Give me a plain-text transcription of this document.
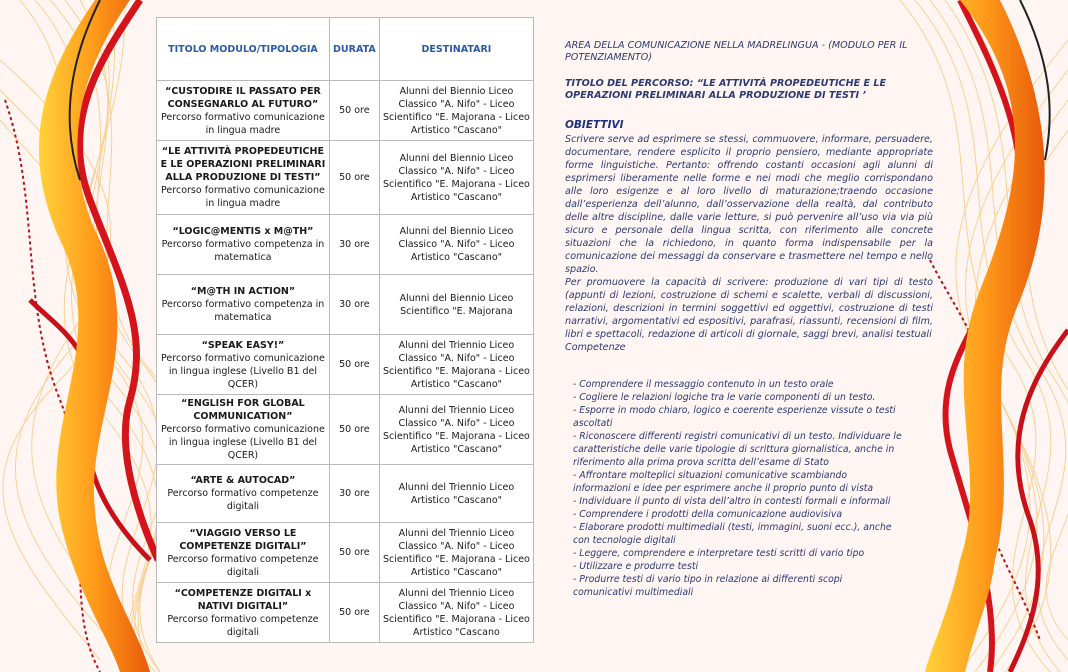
TITOLO MODULO/TIPOLOGIA	DURATA	DESTINATARI

“CUSTODIRE IL PASSATO PER CONSEGNARLO AL FUTURO”
Percorso formativo comunicazione in lingua madre	50 ore	Alunni del Biennio Liceo Classico "A. Nifo" - Liceo Scientifico "E. Majorana - Liceo Artistico "Cascano"

“LE ATTIVITÀ PROPEDEUTICHE E LE OPERAZIONI PRELIMINARI ALLA PRODUZIONE DI TESTI”
Percorso formativo comunicazione in lingua madre	50 ore	Alunni del Biennio Liceo Classico "A. Nifo" - Liceo Scientifico "E. Majorana - Liceo Artistico "Cascano"

“LOGIC@MENTIS x M@TH”
Percorso formativo competenza in matematica	30 ore	Alunni del Biennio Liceo Classico "A. Nifo" - Liceo Artistico "Cascano"

“M@TH IN ACTION”
Percorso formativo competenza in matematica	30 ore	Alunni del Biennio Liceo Scientifico "E. Majorana

“SPEAK EASY!”
Percorso formativo comunicazione in lingua inglese (Livello B1 del QCER)	50 ore	Alunni del Triennio Liceo Classico "A. Nifo" - Liceo Scientifico "E. Majorana - Liceo Artistico "Cascano"

“ENGLISH FOR GLOBAL COMMUNICATION”
Percorso formativo comunicazione in lingua inglese (Livello B1 del QCER)	50 ore	Alunni del Triennio Liceo Classico "A. Nifo" - Liceo Scientifico "E. Majorana - Liceo Artistico "Cascano"

“ARTE & AUTOCAD”
Percorso formativo competenze digitali	30 ore	Alunni del Triennio Liceo Artistico "Cascano"

“VIAGGIO VERSO LE COMPETENZE DIGITALI”
Percorso formativo competenze digitali	50 ore	Alunni del Triennio Liceo Classico "A. Nifo" - Liceo Scientifico "E. Majorana - Liceo Artistico "Cascano"

“COMPETENZE DIGITALI x NATIVI DIGITALI”
Percorso formativo competenze digitali	50 ore	Alunni del Triennio Liceo Classico "A. Nifo" - Liceo Scientifico "E. Majorana - Liceo Artistico "Cascano

AREA DELLA COMUNICAZIONE NELLA MADRELINGUA - (MODULO PER IL POTENZIAMENTO)

TITOLO DEL PERCORSO: “LE ATTIVITÀ PROPEDEUTICHE E LE OPERAZIONI PRELIMINARI ALLA PRODUZIONE DI TESTI ’

OBIETTIVI

Scrivere serve ad esprimere se stessi, commuovere, informare, persuadere, documentare, rendere esplicito il proprio pensiero, mediante appropriate forme linguistiche. Pertanto: offrendo costanti occasioni agli alunni di esprimersi liberamente nelle forme e nei modi che meglio corrispondano alle loro esigenze e al loro livello di maturazione;traendo occasione dall’esperienza dell’alunno, dall’osservazione della realtà, dal contributo delle altre discipline, dalle varie letture, si può pervenire all’uso via via più sicuro e personale della lingua scritta, con riferimento alle concrete situazioni che la richiedono, in quanto forma indispensabile per la comunicazione dei messaggi da conservare e trasmettere nel tempo e nello spazio.

Per promuovere la capacità di scrivere: produzione di vari tipi di testo (appunti di lezioni, costruzione di schemi e scalette, verbali di discussioni, relazioni, descrizioni in termini soggettivi ed oggettivi, costruzione di testi narrativi, argomentativi ed espositivi, parafrasi, riassunti, recensioni di film, libri e spettacoli, redazione di articoli di giornale, saggi brevi, analisi testuali

Competenze

- Comprendere il messaggio contenuto in un testo orale
- Cogliere le relazioni logiche tra le varie componenti di un testo.
- Esporre in modo chiaro, logico e coerente esperienze vissute o testi ascoltati
- Riconoscere differenti registri comunicativi di un testo. Individuare le caratteristiche delle varie tipologie di scrittura giornalistica, anche in riferimento alla prima prova scritta dell’esame di Stato
- Affrontare molteplici situazioni comunicative scambiando informazioni e idee per esprimere anche il proprio punto di vista
- Individuare il punto di vista dell’altro in contesti formali e informali
- Comprendere i prodotti della comunicazione audiovisiva
- Elaborare prodotti multimediali (testi, immagini, suoni ecc.), anche con tecnologie digitali
- Leggere, comprendere e interpretare testi scritti di vario tipo
- Utilizzare e produrre testi
- Produrre testi di vario tipo in relazione ai differenti scopi comunicativi multimediali
